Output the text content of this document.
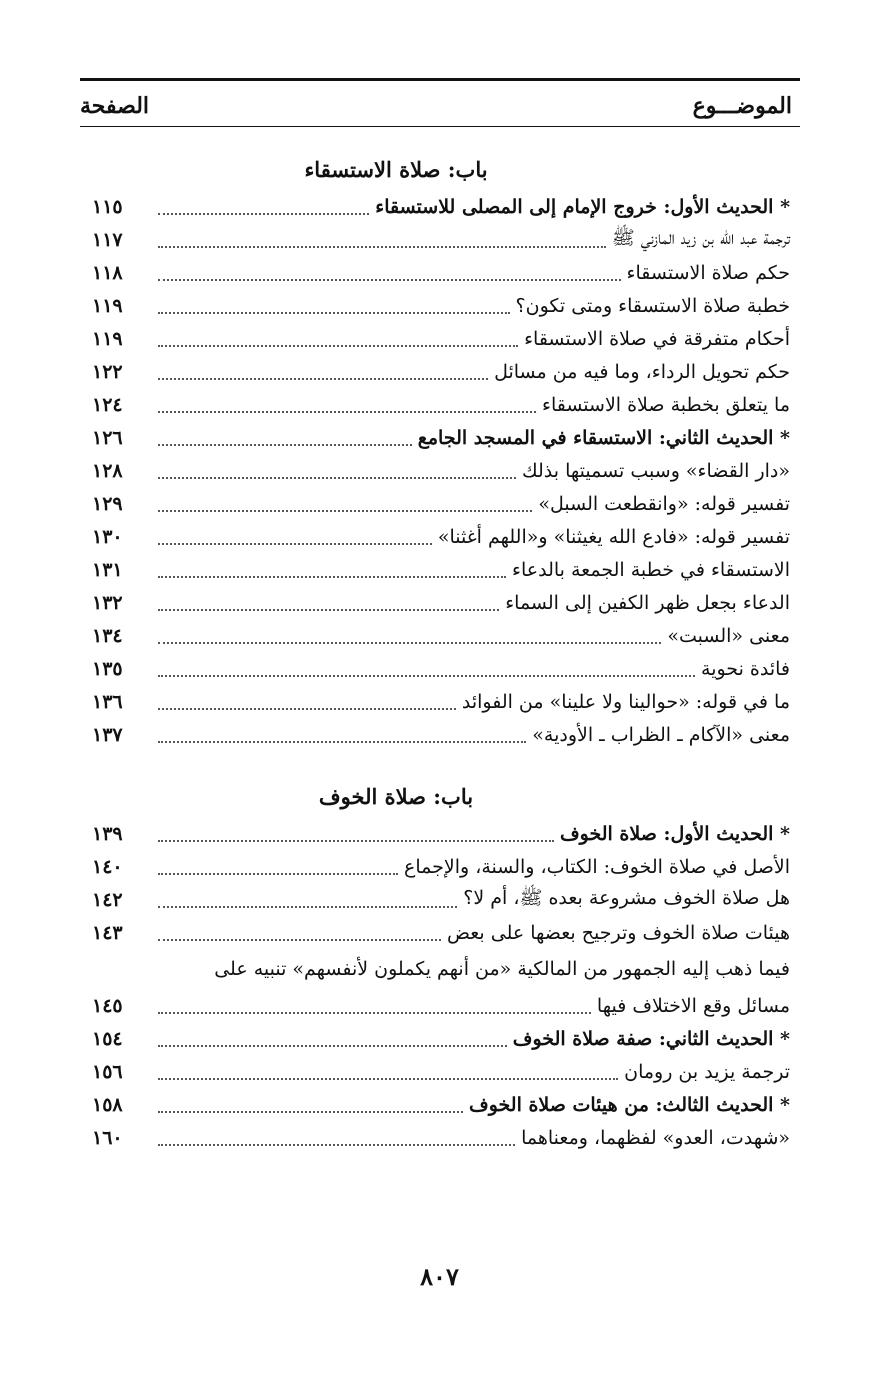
الموضـــوع
الصفحة
باب: صلاة الاستسقاء
* الحديث الأول: خروج الإمام إلى المصلى للاستسقاء
١١٥
ترجمة عبد الله بن زيد المازني ﷺ
١١٧
حكم صلاة الاستسقاء
١١٨
خطبة صلاة الاستسقاء ومتى تكون؟
١١٩
أحكام متفرقة في صلاة الاستسقاء
١١٩
حكم تحويل الرداء، وما فيه من مسائل
١٢٢
ما يتعلق بخطبة صلاة الاستسقاء
١٢٤
* الحديث الثاني: الاستسقاء في المسجد الجامع
١٢٦
«دار القضاء» وسبب تسميتها بذلك
١٢٨
تفسير قوله: «وانقطعت السبل»
١٢٩
تفسير قوله: «فادع الله يغيثنا» و«اللهم أغثنا»
١٣٠
الاستسقاء في خطبة الجمعة بالدعاء
١٣١
الدعاء بجعل ظهر الكفين إلى السماء
١٣٢
معنى «السبت»
١٣٤
فائدة نحوية
١٣٥
ما في قوله: «حوالينا ولا علينا» من الفوائد
١٣٦
معنى «الآكام ـ الظراب ـ الأودية»
١٣٧
باب: صلاة الخوف
* الحديث الأول: صلاة الخوف
١٣٩
الأصل في صلاة الخوف: الكتاب، والسنة، والإجماع
١٤٠
هل صلاة الخوف مشروعة بعده ﷺ، أم لا؟
١٤٢
هيئات صلاة الخوف وترجيح بعضها على بعض
١٤٣
فيما ذهب إليه الجمهور من المالكية «من أنهم يكملون لأنفسهم» تنبيه على
مسائل وقع الاختلاف فيها
١٤٥
* الحديث الثاني: صفة صلاة الخوف
١٥٤
ترجمة يزيد بن رومان
١٥٦
* الحديث الثالث: من هيئات صلاة الخوف
١٥٨
«شهدت، العدو» لفظهما، ومعناهما
١٦٠
٨٠٧
